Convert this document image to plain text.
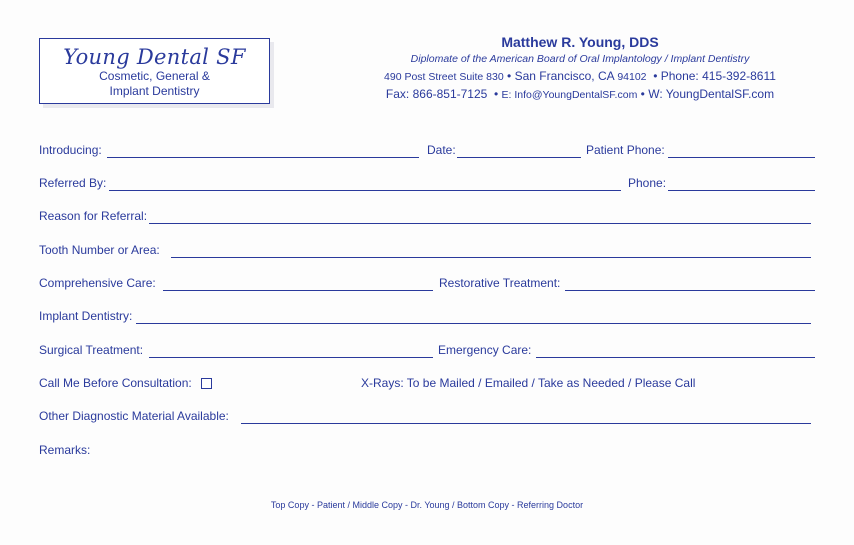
Young Dental SF
Cosmetic, General &
Implant Dentistry
Matthew R. Young, DDS
Diplomate of the American Board of Oral Implantology / Implant Dentistry
490 Post Street Suite 830 • San Francisco, CA 94102 • Phone: 415-392-8611
Fax: 866-851-7125 • E: Info@YoungDentalSF.com • W: YoungDentalSF.com
Introducing:	Date:	Patient Phone:
Referred By:	Phone:
Reason for Referral:
Tooth Number or Area:
Comprehensive Care:	Restorative Treatment:
Implant Dentistry:
Surgical Treatment:	Emergency Care:
Call Me Before Consultation:	X-Rays: To be Mailed / Emailed / Take as Needed / Please Call
Other Diagnostic Material Available:
Remarks:
Top Copy - Patient / Middle Copy - Dr. Young / Bottom Copy - Referring Doctor
